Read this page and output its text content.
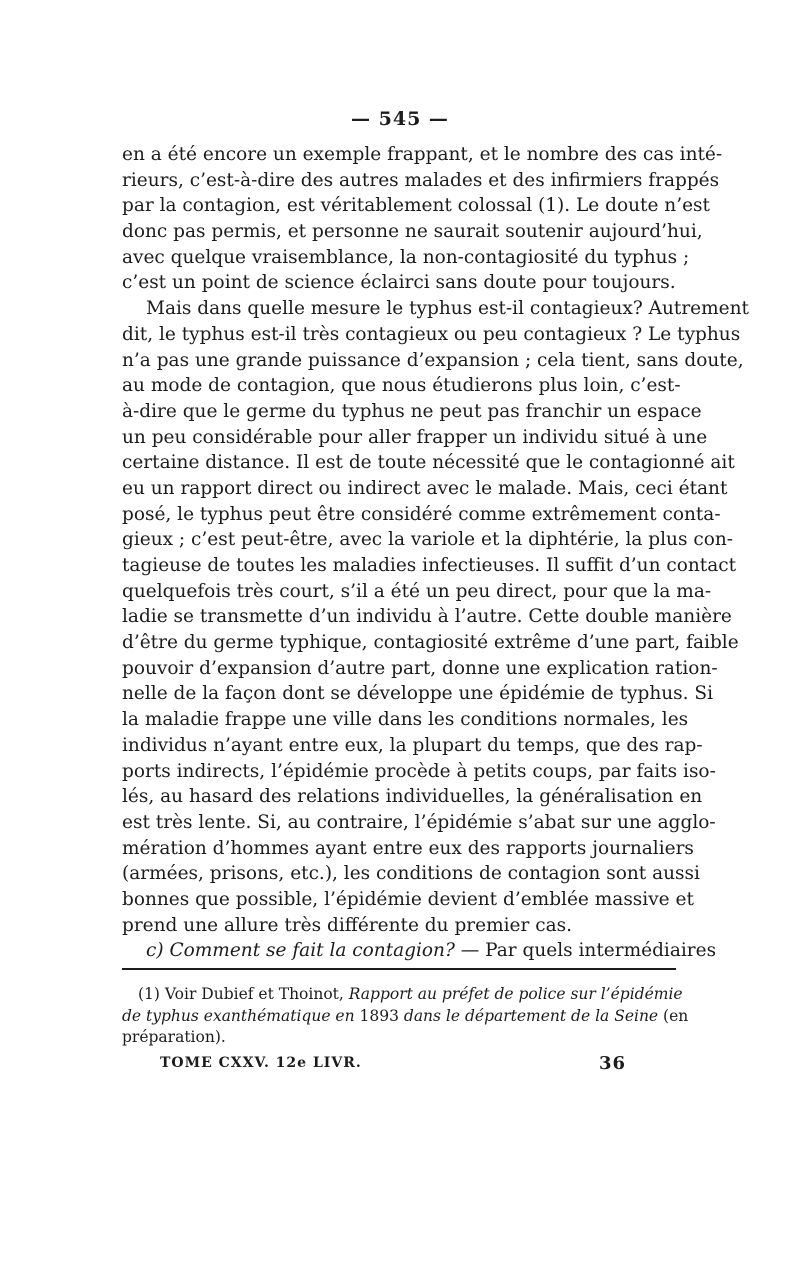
— 545 —
en a été encore un exemple frappant, et le nombre des cas inté-
rieurs, c’est-à-dire des autres malades et des infirmiers frappés
par la contagion, est véritablement colossal (1). Le doute n’est
donc pas permis, et personne ne saurait soutenir aujourd’hui,
avec quelque vraisemblance, la non-contagiosité du typhus ;
c’est un point de science éclairci sans doute pour toujours.
Mais dans quelle mesure le typhus est-il contagieux? Autrement
dit, le typhus est-il très contagieux ou peu contagieux ? Le typhus
n’a pas une grande puissance d’expansion ; cela tient, sans doute,
au mode de contagion, que nous étudierons plus loin, c’est-
à-dire que le germe du typhus ne peut pas franchir un espace
un peu considérable pour aller frapper un individu situé à une
certaine distance. Il est de toute nécessité que le contagionné ait
eu un rapport direct ou indirect avec le malade. Mais, ceci étant
posé, le typhus peut être considéré comme extrêmement conta-
gieux ; c’est peut-être, avec la variole et la diphtérie, la plus con-
tagieuse de toutes les maladies infectieuses. Il suffit d’un contact
quelquefois très court, s’il a été un peu direct, pour que la ma-
ladie se transmette d’un individu à l’autre. Cette double manière
d’être du germe typhique, contagiosité extrême d’une part, faible
pouvoir d’expansion d’autre part, donne une explication ration-
nelle de la façon dont se développe une épidémie de typhus. Si
la maladie frappe une ville dans les conditions normales, les
individus n’ayant entre eux, la plupart du temps, que des rap-
ports indirects, l’épidémie procède à petits coups, par faits iso-
lés, au hasard des relations individuelles, la généralisation en
est très lente. Si, au contraire, l’épidémie s’abat sur une agglo-
mération d’hommes ayant entre eux des rapports journaliers
(armées, prisons, etc.), les conditions de contagion sont aussi
bonnes que possible, l’épidémie devient d’emblée massive et
prend une allure très différente du premier cas.
c) Comment se fait la contagion? — Par quels intermédiaires
(1) Voir Dubief et Thoinot, Rapport au préfet de police sur l’épidémie
de typhus exanthématique en 1893 dans le département de la Seine (en
préparation).
TOME CXXV. 12e LIVR.	36
